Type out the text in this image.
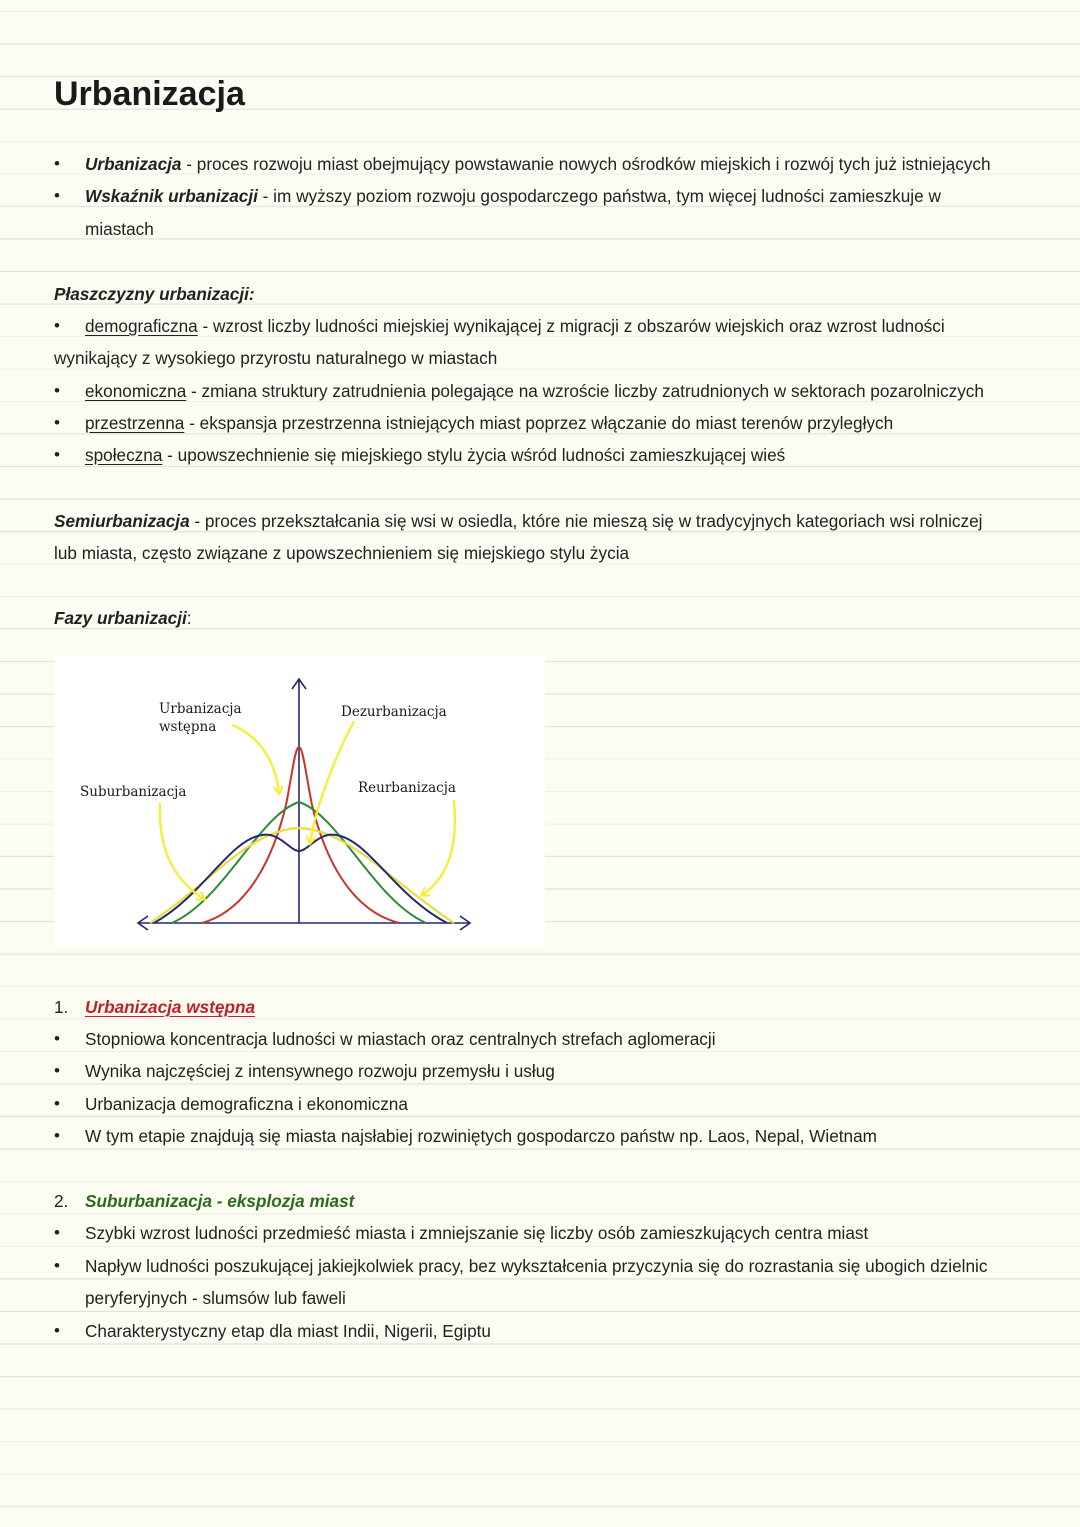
Urbanizacja
• Urbanizacja - proces rozwoju miast obejmujący powstawanie nowych ośrodków miejskich i rozwój tych już istniejących
• Wskaźnik urbanizacji - im wyższy poziom rozwoju gospodarczego państwa, tym więcej ludności zamieszkuje w
miastach
Płaszczyzny urbanizacji:
• demograficzna - wzrost liczby ludności miejskiej wynikającej z migracji z obszarów wiejskich oraz wzrost ludności
wynikający z wysokiego przyrostu naturalnego w miastach
• ekonomiczna - zmiana struktury zatrudnienia polegające na wzroście liczby zatrudnionych w sektorach pozarolniczych
• przestrzenna - ekspansja przestrzenna istniejących miast poprzez włączanie do miast terenów przyległych
• społeczna - upowszechnienie się miejskiego stylu życia wśród ludności zamieszkującej wieś
Semiurbanizacja - proces przekształcania się wsi w osiedla, które nie mieszą się w tradycyjnych kategoriach wsi rolniczej
lub miasta, często związane z upowszechnieniem się miejskiego stylu życia
Fazy urbanizacji:
Urbanizacja
wstępna
Dezurbanizacja
Suburbanizacja	Reurbanizacja
1. Urbanizacja wstępna
• Stopniowa koncentracja ludności w miastach oraz centralnych strefach aglomeracji
• Wynika najczęściej z intensywnego rozwoju przemysłu i usług
• Urbanizacja demograficzna i ekonomiczna
• W tym etapie znajdują się miasta najsłabiej rozwiniętych gospodarczo państw np. Laos, Nepal, Wietnam
2. Suburbanizacja - eksplozja miast
• Szybki wzrost ludności przedmieść miasta i zmniejszanie się liczby osób zamieszkujących centra miast
• Napływ ludności poszukującej jakiejkolwiek pracy, bez wykształcenia przyczynia się do rozrastania się ubogich dzielnic
peryferyjnych - slumsów lub faweli
• Charakterystyczny etap dla miast Indii, Nigerii, Egiptu
